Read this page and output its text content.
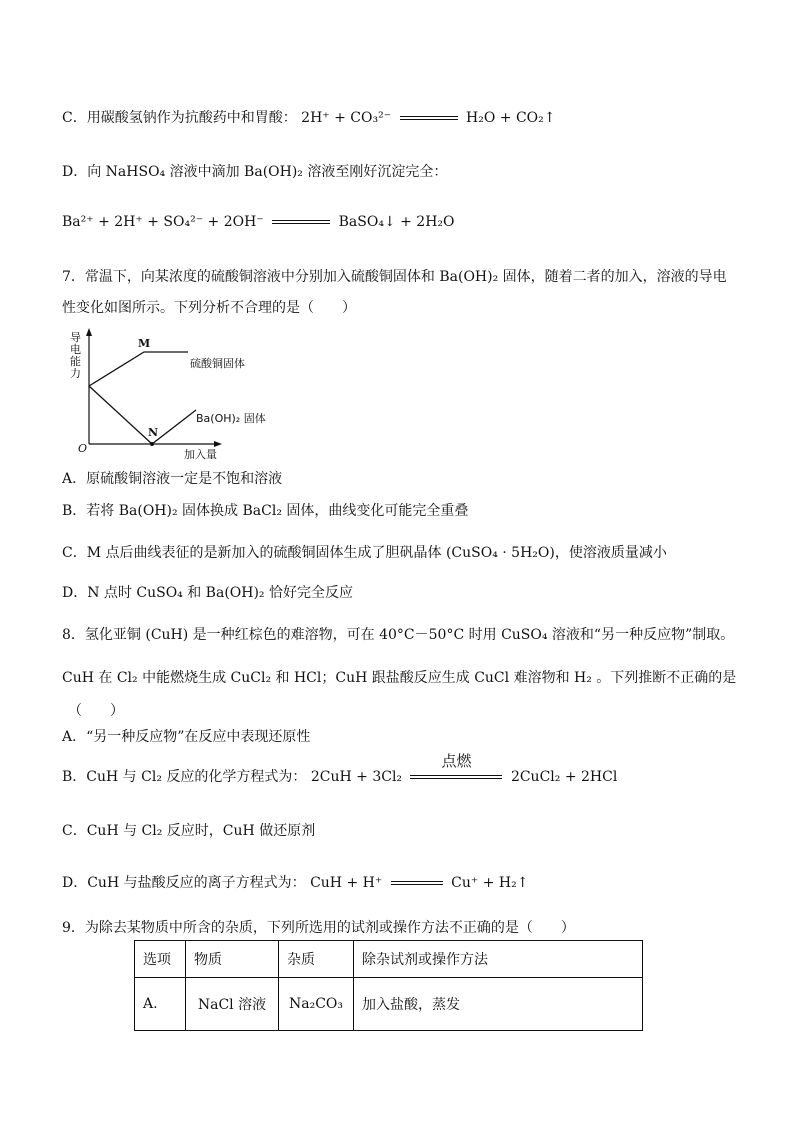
C．用碳酸氢钠作为抗酸药中和胃酸： 2H⁺ + CO₃²⁻	H₂O + CO₂↑
D．向 NaHSO₄ 溶液中滴加 Ba(OH)₂ 溶液至刚好沉淀完全：
Ba²⁺ + 2H⁺ + SO₄²⁻ + 2OH⁻	BaSO₄↓ + 2H₂O
7．常温下，向某浓度的硫酸铜溶液中分别加入硫酸铜固体和 Ba(OH)₂ 固体，随着二者的加入，溶液的导电
性变化如图所示。下列分析不合理的是（　　）
导电能力
M
N
O
硫酸铜固体
Ba(OH)₂ 固体
加入量
A．原硫酸铜溶液一定是不饱和溶液
B．若将 Ba(OH)₂ 固体换成 BaCl₂ 固体，曲线变化可能完全重叠
C．M 点后曲线表征的是新加入的硫酸铜固体生成了胆矾晶体 (CuSO₄ · 5H₂O)，使溶液质量减小
D．N 点时 CuSO₄ 和 Ba(OH)₂ 恰好完全反应
8．氢化亚铜 (CuH) 是一种红棕色的难溶物，可在 40°C－50°C 时用 CuSO₄ 溶液和“另一种反应物”制取。
CuH 在 Cl₂ 中能燃烧生成 CuCl₂ 和 HCl；CuH 跟盐酸反应生成 CuCl 难溶物和 H₂ 。下列推断不正确的是
（　　）
A．“另一种反应物”在反应中表现还原性
B．CuH 与 Cl₂ 反应的化学方程式为： 2CuH + 3Cl₂
点燃
2CuCl₂ + 2HCl
C．CuH 与 Cl₂ 反应时，CuH 做还原剂
D．CuH 与盐酸反应的离子方程式为： CuH + H⁺	Cu⁺ + H₂↑
9．为除去某物质中所含的杂质，下列所选用的试剂或操作方法不正确的是（　　）
选项	物质	杂质	除杂试剂或操作方法
A.	NaCl 溶液	Na₂CO₃	加入盐酸，蒸发
